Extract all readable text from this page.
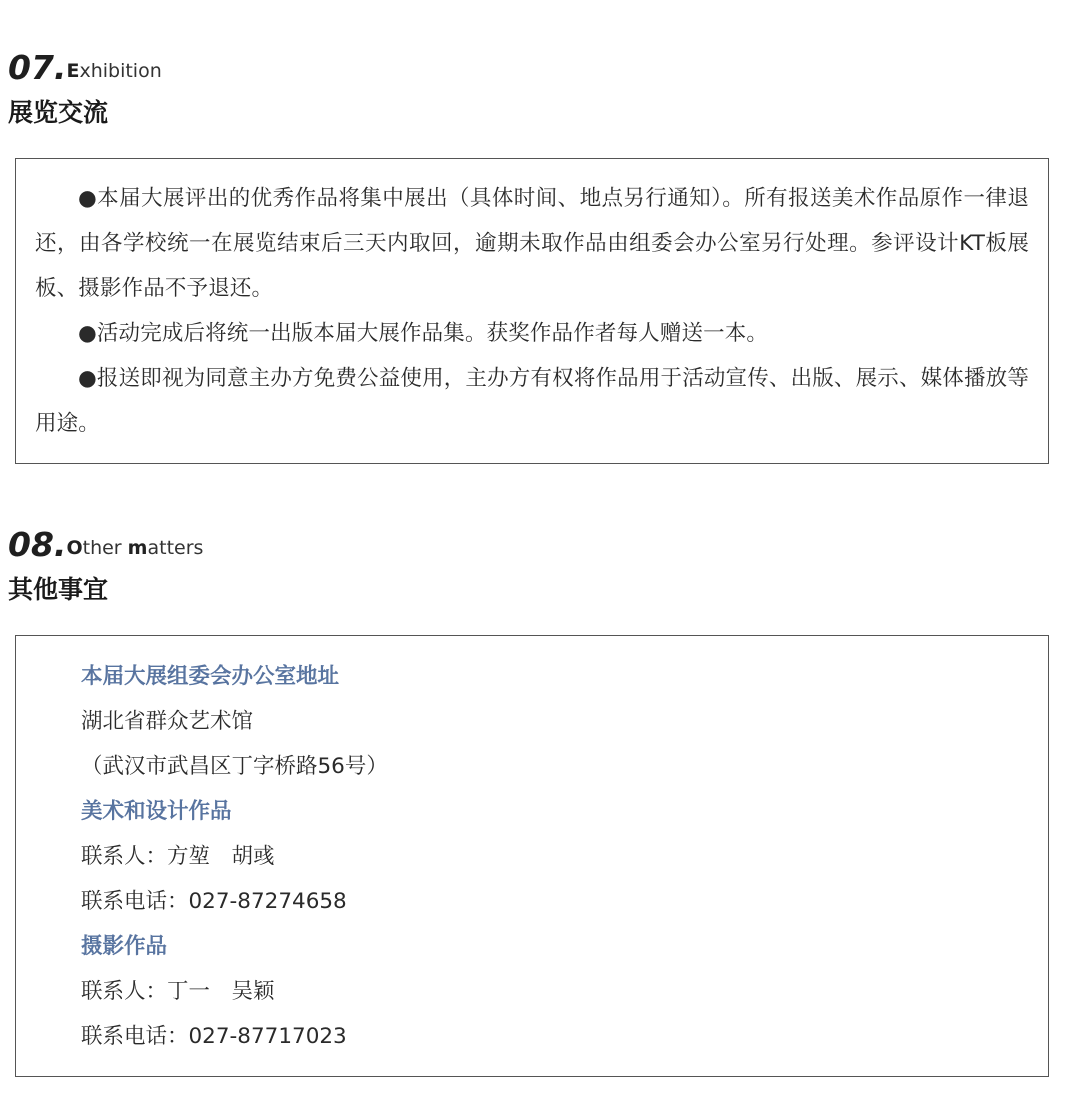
07. Exhibition
展览交流

●本届大展评出的优秀作品将集中展出（具体时间、地点另行通知）。所有报送美术作品原作一律退还，由各学校统一在展览结束后三天内取回，逾期未取作品由组委会办公室另行处理。参评设计KT板展板、摄影作品不予退还。

●活动完成后将统一出版本届大展作品集。获奖作品作者每人赠送一本。

●报送即视为同意主办方免费公益使用，主办方有权将作品用于活动宣传、出版、展示、媒体播放等用途。

08. Other matters
其他事宜
本届大展组委会办公室地址
湖北省群众艺术馆
（武汉市武昌区丁字桥路56号）
美术和设计作品
联系人：方堃　胡彧
联系电话：027-87274658
摄影作品
联系人：丁一　吴颖
联系电话：027-87717023
